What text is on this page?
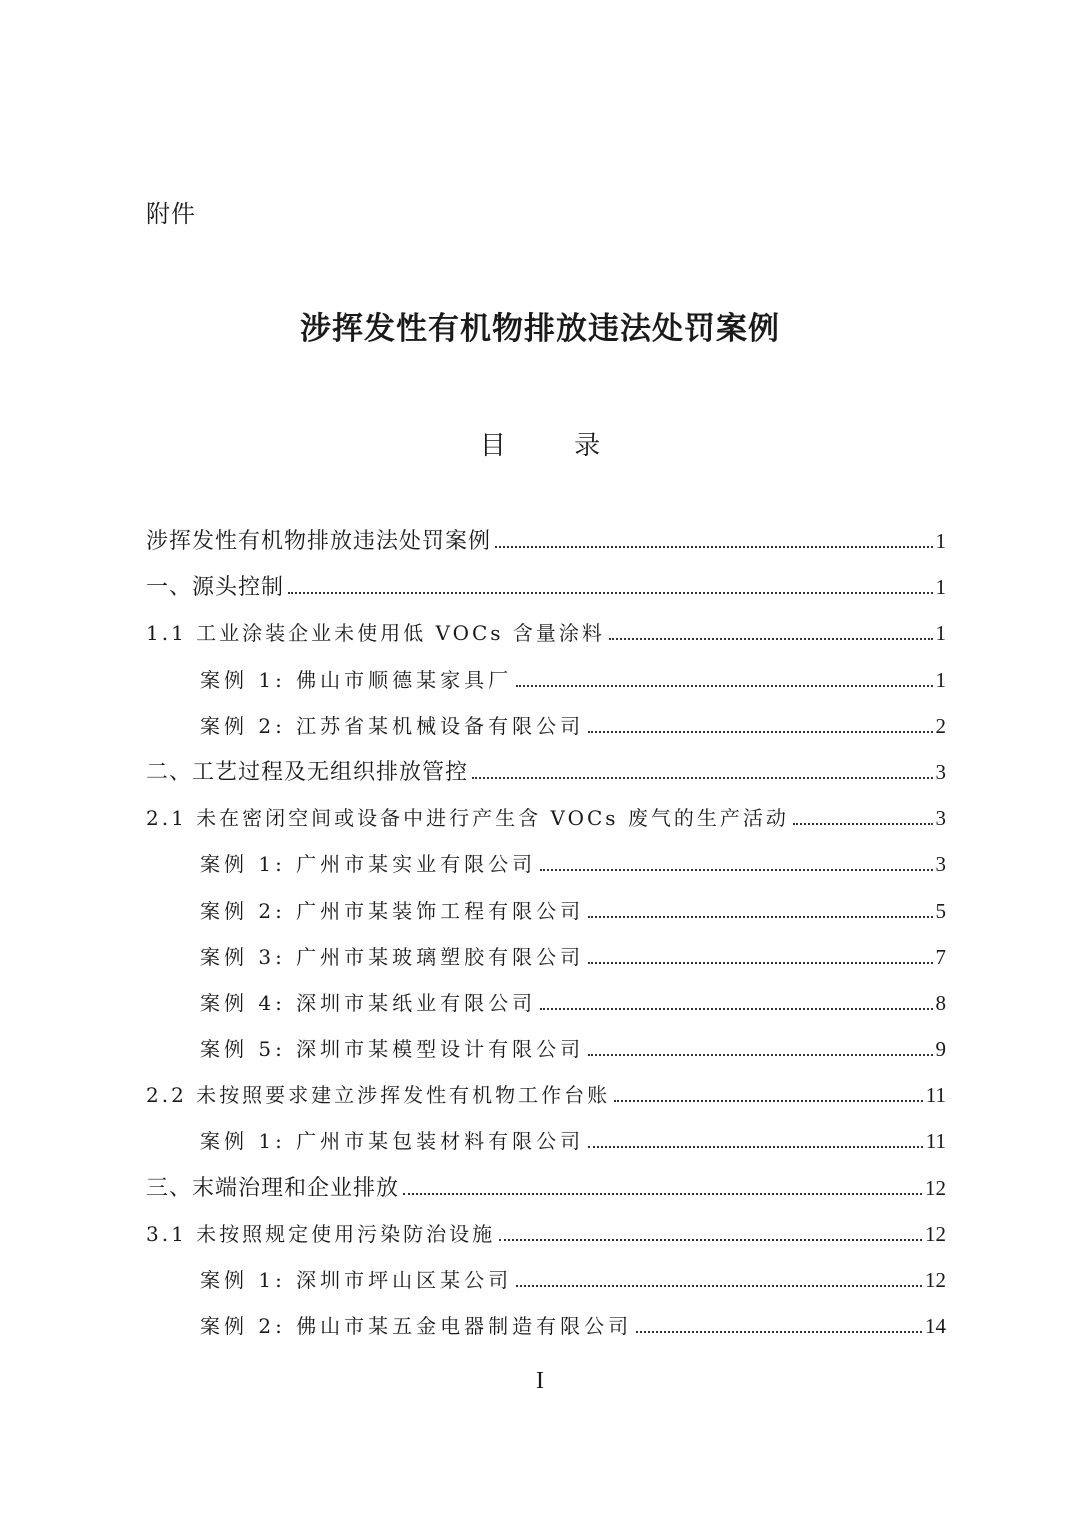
附件
涉挥发性有机物排放违法处罚案例
目 录
涉挥发性有机物排放违法处罚案例	1
一、源头控制	1
1.1 工业涂装企业未使用低 VOCs 含量涂料	1
案例 1: 佛山市顺德某家具厂	1
案例 2: 江苏省某机械设备有限公司	2
二、工艺过程及无组织排放管控	3
2.1 未在密闭空间或设备中进行产生含 VOCs 废气的生产活动	3
案例 1: 广州市某实业有限公司	3
案例 2: 广州市某装饰工程有限公司	5
案例 3: 广州市某玻璃塑胶有限公司	7
案例 4: 深圳市某纸业有限公司	8
案例 5: 深圳市某模型设计有限公司	9
2.2 未按照要求建立涉挥发性有机物工作台账	11
案例 1: 广州市某包装材料有限公司	11
三、末端治理和企业排放	12
3.1 未按照规定使用污染防治设施	12
案例 1: 深圳市坪山区某公司	12
案例 2: 佛山市某五金电器制造有限公司	14
I
